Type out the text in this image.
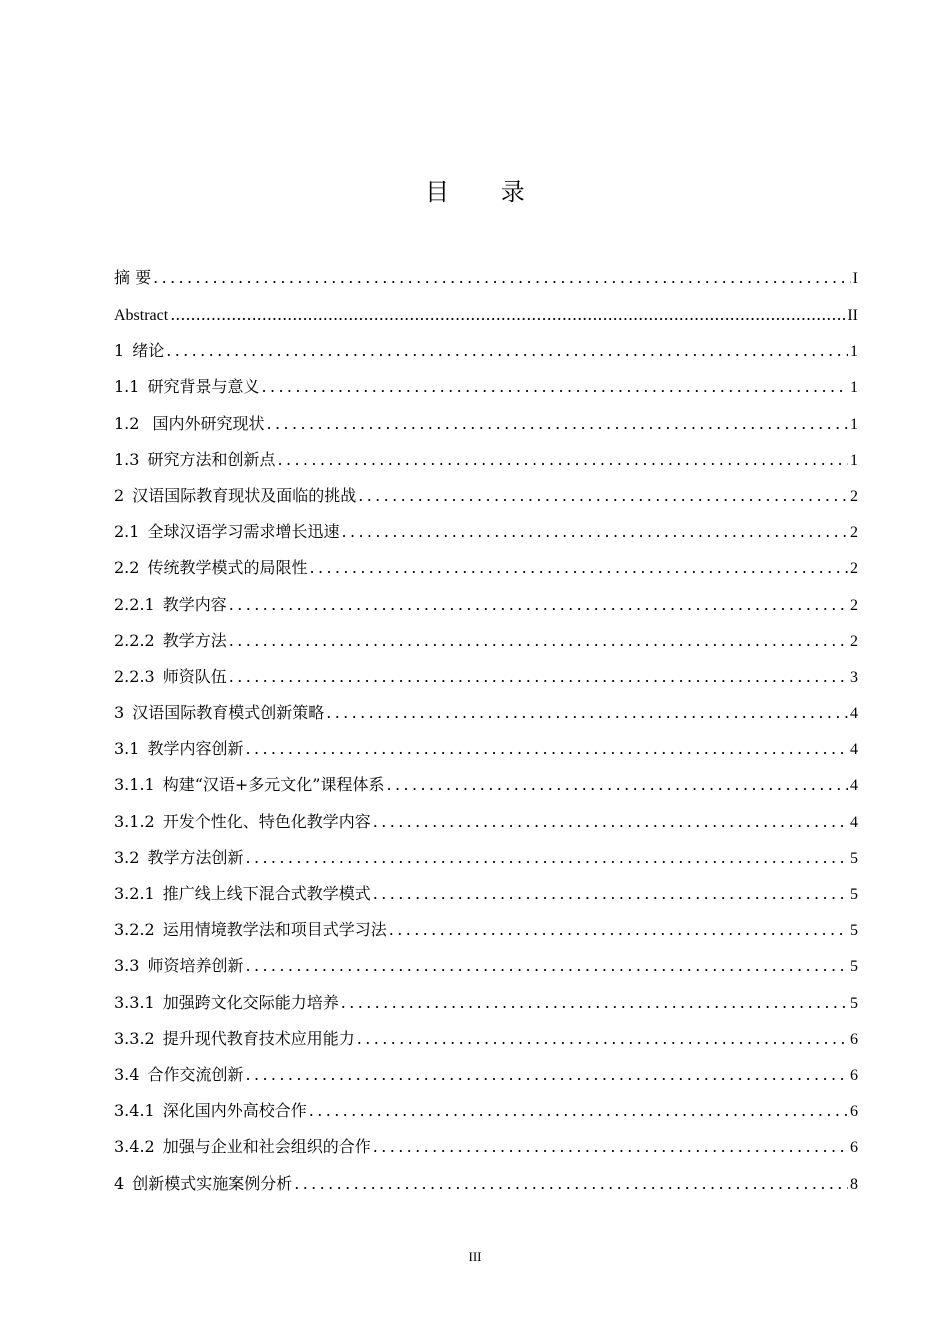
目 录
摘 要 .....	I
Abstract .....	II
1 绪论 .....	1
1.1 研究背景与意义 .....	1
1.2 国内外研究现状 .....	1
1.3 研究方法和创新点 .....	1
2 汉语国际教育现状及面临的挑战 .....	2
2.1 全球汉语学习需求增长迅速 .....	2
2.2 传统教学模式的局限性 .....	2
2.2.1 教学内容 .....	2
2.2.2 教学方法 .....	2
2.2.3 师资队伍 .....	3
3 汉语国际教育模式创新策略 .....	4
3.1 教学内容创新 .....	4
3.1.1 构建“汉语+多元文化”课程体系 .....	4
3.1.2 开发个性化、特色化教学内容 .....	4
3.2 教学方法创新 .....	5
3.2.1 推广线上线下混合式教学模式 .....	5
3.2.2 运用情境教学法和项目式学习法 .....	5
3.3 师资培养创新 .....	5
3.3.1 加强跨文化交际能力培养 .....	5
3.3.2 提升现代教育技术应用能力 .....	6
3.4 合作交流创新 .....	6
3.4.1 深化国内外高校合作 .....	6
3.4.2 加强与企业和社会组织的合作 .....	6
4 创新模式实施案例分析 .....	8
III
